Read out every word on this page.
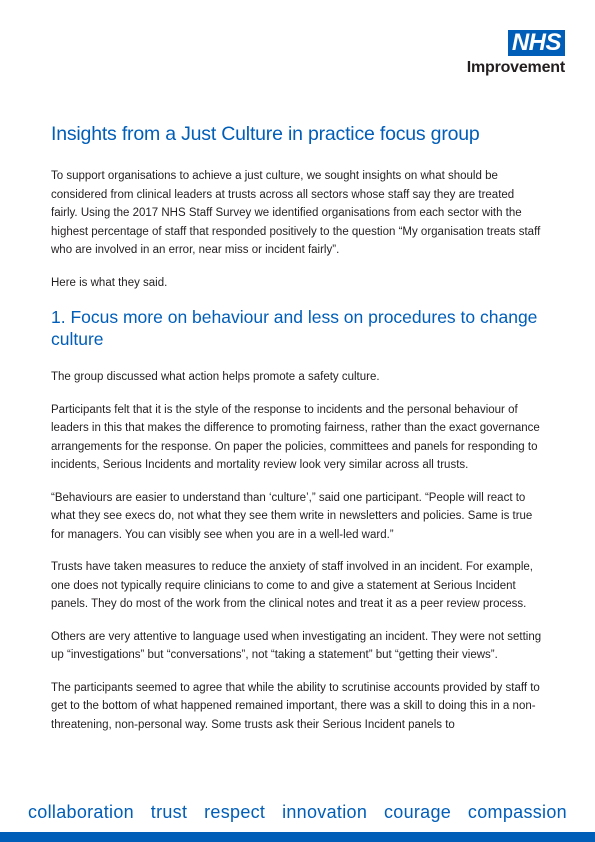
NHS
Improvement
Insights from a Just Culture in practice focus group

To support organisations to achieve a just culture, we sought insights on what should be considered from clinical leaders at trusts across all sectors whose staff say they are treated fairly. Using the 2017 NHS Staff Survey we identified organisations from each sector with the highest percentage of staff that responded positively to the question “My organisation treats staff who are involved in an error, near miss or incident fairly”.

Here is what they said.

1. Focus more on behaviour and less on procedures to change culture

The group discussed what action helps promote a safety culture.

Participants felt that it is the style of the response to incidents and the personal behaviour of leaders in this that makes the difference to promoting fairness, rather than the exact governance arrangements for the response. On paper the policies, committees and panels for responding to incidents, Serious Incidents and mortality review look very similar across all trusts.

“Behaviours are easier to understand than ‘culture’,” said one participant. “People will react to what they see execs do, not what they see them write in newsletters and policies. Same is true for managers. You can visibly see when you are in a well-led ward.”

Trusts have taken measures to reduce the anxiety of staff involved in an incident. For example, one does not typically require clinicians to come to and give a statement at Serious Incident panels. They do most of the work from the clinical notes and treat it as a peer review process.

Others are very attentive to language used when investigating an incident. They were not setting up “investigations” but “conversations”, not “taking a statement” but “getting their views”.

The participants seemed to agree that while the ability to scrutinise accounts provided by staff to get to the bottom of what happened remained important, there was a skill to doing this in a non-threatening, non-personal way. Some trusts ask their Serious Incident panels to

collaboration trust respect innovation courage compassion
